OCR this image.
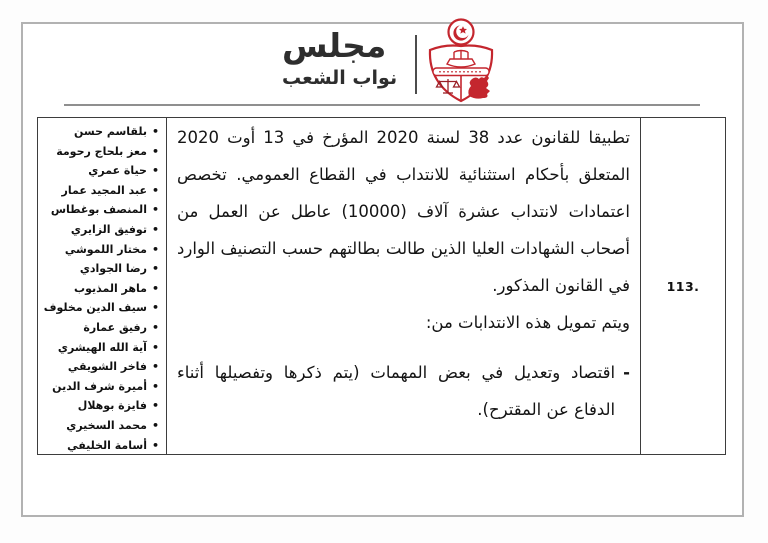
مجلس
نواب الشعب
113.

تطبيقا للقانون عدد 38 لسنة 2020 المؤرخ في 13 أوت 2020 المتعلق بأحكام استثنائية للانتداب في القطاع العمومي. تخصص اعتمادات لانتداب عشرة آلاف (10000) عاطل عن العمل من أصحاب الشهادات العليا الذين طالت بطالتهم حسب التصنيف الوارد في القانون المذكور.

ويتم تمويل هذه الانتدابات من:

-
اقتصاد وتعديل في بعض المهمات (يتم ذكرها وتفصيلها أثناء الدفاع عن المقترح).
•
بلقاسم حسن
•
معز بلحاج رحومة
•
حياة عمري
•
عبد المجيد عمار
•
المنصف بوغطاس
•
توفيق الزايري
•
مختار اللموشي
•
رضا الجوادي
•
ماهر المذيوب
•
سيف الدين مخلوف
•
رفيق عمارة
•
آية الله الهيشري
•
فاخر الشويقي
•
أميرة شرف الدين
•
فايزة بوهلال
•
محمد السخيري
•
أسامة الخليفي
